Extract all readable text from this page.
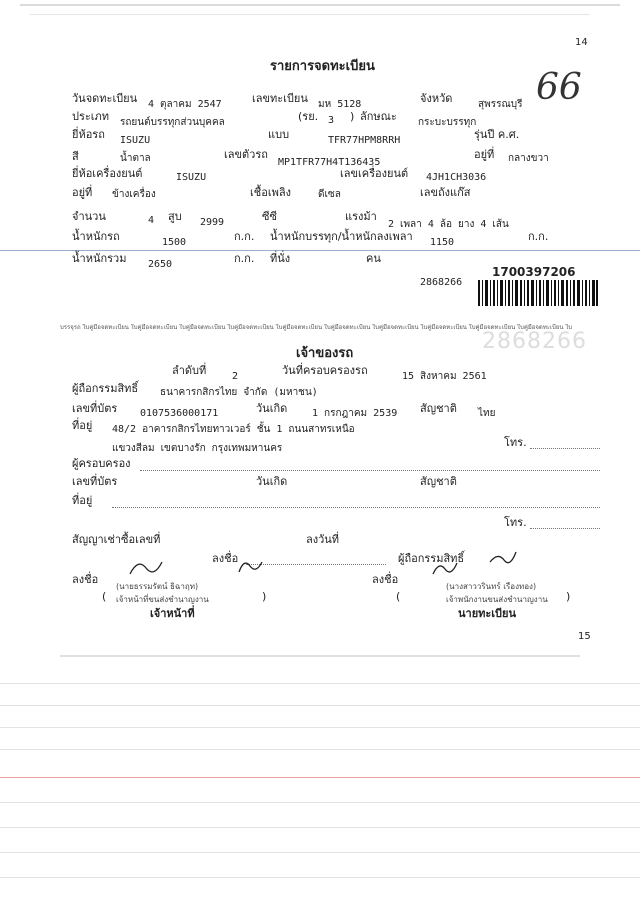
14
66
รายการจดทะเบียน
วันจดทะเบียน 4 ตุลาคม 2547	เลขทะเบียน มห 5128	จังหวัด	สุพรรณบุรี
ประเภท รถยนต์บรรทุกส่วนบุคคล	(รย. 3 ) ลักษณะ กระบะบรรทุก
ยี่ห้อรถ ISUZU	แบบ	TFR77HPM8RRH	รุ่นปี ค.ศ.
สี	น้ำตาล	เลขตัวรถ
MP1TFR77H4T136435
อยู่ที่ กลางขวา
ยี่ห้อเครื่องยนต์	ISUZU	เลขเครื่องยนต์ 4JH1CH3036
อยู่ที่ ข้างเครื่อง	เชื้อเพลิง	ดีเซล	เลขถังแก๊ส
จำนวน	4 สูบ 2999	ซีซี	แรงม้า
2 เพลา 4 ล้อ ยาง 4 เส้น
น้ำหนักรถ	1500	ก.ก. น้ำหนักบรรทุก/น้ำหนักลงเพลา 1150	ก.ก.
น้ำหนักรวม 2650	ก.ก. ที่นั่ง	คน
2868266
1700397206
บรรจุรถ ใบคู่มือจดทะเบียน ใบคู่มือจดทะเบียน ใบคู่มือจดทะเบียน ใบคู่มือจดทะเบียน ใบคู่มือจดทะเบียน ใบคู่มือจดทะเบียน ใบคู่มือจดทะเบียน ใบคู่มือจดทะเบียน ใบคู่มือจดทะเบียน ใบคู่มือจดทะเบียน ใบ
เจ้าของรถ	2868266
ลำดับที่	2	วันที่ครอบครองรถ	15 สิงหาคม 2561
ผู้ถือกรรมสิทธิ์ ธนาคารกสิกรไทย จำกัด (มหาชน)
เลขที่บัตร 0107536000171	วันเกิด 1 กรกฎาคม 2539 สัญชาติ ไทย
ที่อยู่ 48/2 อาคารกสิกรไทยทาวเวอร์ ชั้น 1 ถนนสาทรเหนือ
แขวงสีลม เขตบางรัก กรุงเทพมหานคร	โทร.
ผู้ครอบครอง
เลขที่บัตร	วันเกิด	สัญชาติ
ที่อยู่
โทร.
สัญญาเช่าซื้อเลขที่	ลงวันที่
ลงชื่อ	ผู้ถือกรรมสิทธิ์
ลงชื่อ
(นายธรรมรัตน์ ธิฉาฤท)
เจ้าหน้าที่ขนส่งชำนาญงาน
(	)
เจ้าหน้าที่
ลงชื่อ
(นางสาววรินทร์ เรืองทอง)
เจ้าพนักงานขนส่งชำนาญงาน
(	)
นายทะเบียน
15
